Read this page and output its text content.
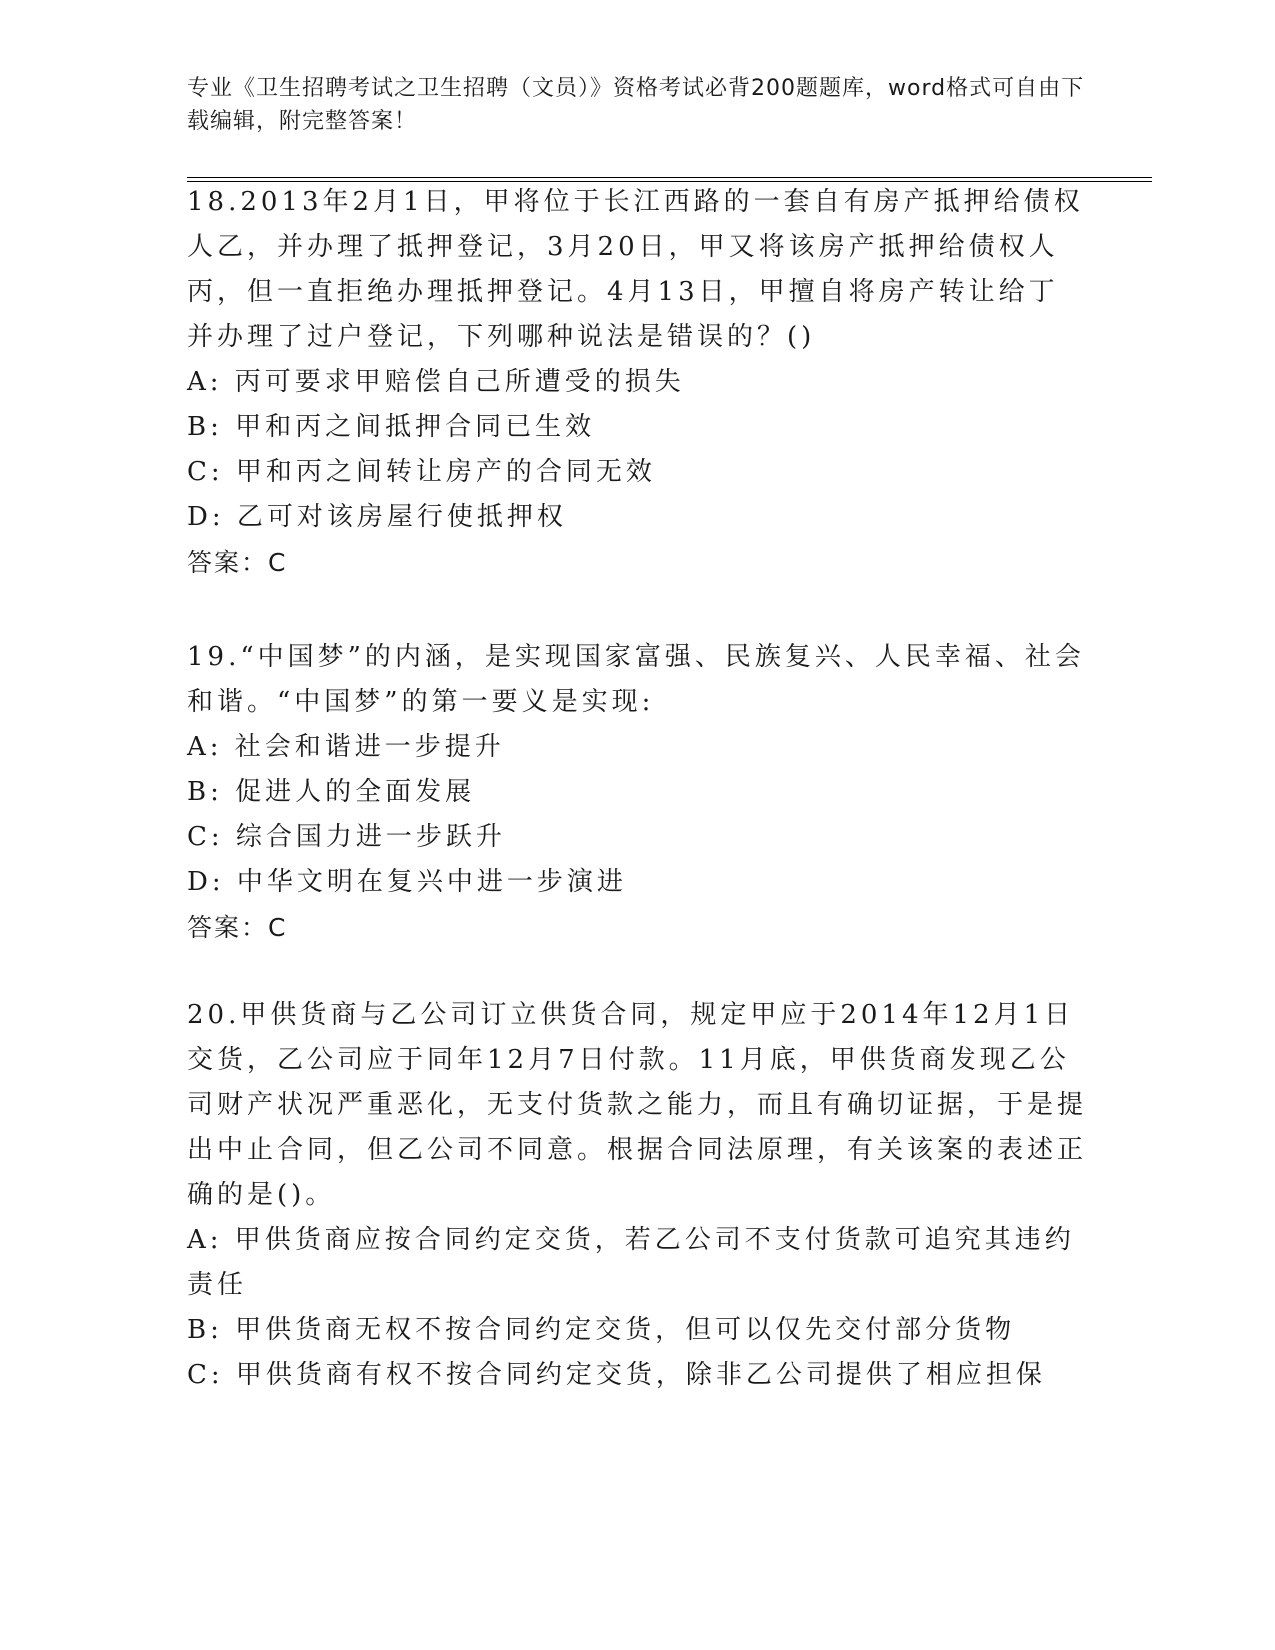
专业《卫生招聘考试之卫生招聘（文员）》资格考试必背200题题库，word格式可自由下载编辑，附完整答案！

18.2013年2月1日，甲将位于长江西路的一套自有房产抵押给债权人乙，并办理了抵押登记，3月20日，甲又将该房产抵押给债权人丙，但一直拒绝办理抵押登记。4月13日，甲擅自将房产转让给丁并办理了过户登记，下列哪种说法是错误的？()

A: 丙可要求甲赔偿自己所遭受的损失

B: 甲和丙之间抵押合同已生效

C: 甲和丙之间转让房产的合同无效

D: 乙可对该房屋行使抵押权

答案：C

19.“中国梦”的内涵，是实现国家富强、民族复兴、人民幸福、社会和谐。“中国梦”的第一要义是实现:

A: 社会和谐进一步提升

B: 促进人的全面发展

C: 综合国力进一步跃升

D: 中华文明在复兴中进一步演进

答案：C

20.甲供货商与乙公司订立供货合同，规定甲应于2014年12月1日交货，乙公司应于同年12月7日付款。11月底，甲供货商发现乙公司财产状况严重恶化，无支付货款之能力，而且有确切证据，于是提出中止合同，但乙公司不同意。根据合同法原理，有关该案的表述正确的是()。

A: 甲供货商应按合同约定交货，若乙公司不支付货款可追究其违约责任

B: 甲供货商无权不按合同约定交货，但可以仅先交付部分货物

C: 甲供货商有权不按合同约定交货，除非乙公司提供了相应担保
